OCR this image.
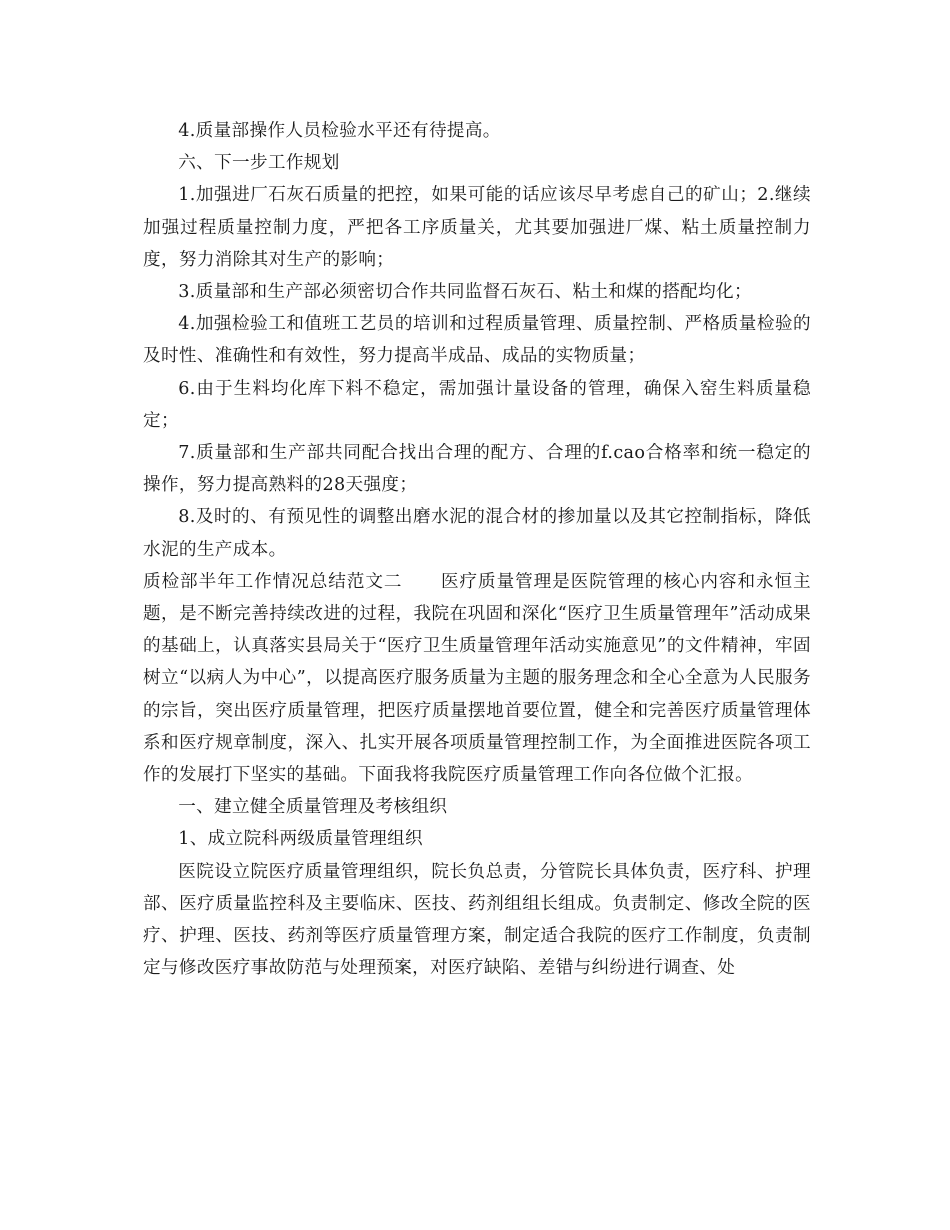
4.质量部操作人员检验水平还有待提高。

六、下一步工作规划

1.加强进厂石灰石质量的把控，如果可能的话应该尽早考虑自己的矿山；2.继续加强过程质量控制力度，严把各工序质量关，尤其要加强进厂煤、粘土质量控制力度，努力消除其对生产的影响；

3.质量部和生产部必须密切合作共同监督石灰石、粘土和煤的搭配均化；

4.加强检验工和值班工艺员的培训和过程质量管理、质量控制、严格质量检验的及时性、准确性和有效性，努力提高半成品、成品的实物质量；

6.由于生料均化库下料不稳定，需加强计量设备的管理，确保入窑生料质量稳定；

7.质量部和生产部共同配合找出合理的配方、合理的f.cao合格率和统一稳定的操作，努力提高熟料的28天强度；

8.及时的、有预见性的调整出磨水泥的混合材的掺加量以及其它控制指标，降低水泥的生产成本。

质检部半年工作情况总结范文二 医疗质量管理是医院管理的核心内容和永恒主题，是不断完善持续改进的过程，我院在巩固和深化“医疗卫生质量管理年”活动成果的基础上，认真落实县局关于“医疗卫生质量管理年活动实施意见”的文件精神，牢固树立“以病人为中心”，以提高医疗服务质量为主题的服务理念和全心全意为人民服务的宗旨，突出医疗质量管理，把医疗质量摆地首要位置，健全和完善医疗质量管理体系和医疗规章制度，深入、扎实开展各项质量管理控制工作，为全面推进医院各项工作的发展打下坚实的基础。下面我将我院医疗质量管理工作向各位做个汇报。

一、建立健全质量管理及考核组织

1、成立院科两级质量管理组织

医院设立院医疗质量管理组织，院长负总责，分管院长具体负责，医疗科、护理部、医疗质量监控科及主要临床、医技、药剂组组长组成。负责制定、修改全院的医疗、护理、医技、药剂等医疗质量管理方案，制定适合我院的医疗工作制度，负责制定与修改医疗事故防范与处理预案，对医疗缺陷、差错与纠纷进行调查、处
